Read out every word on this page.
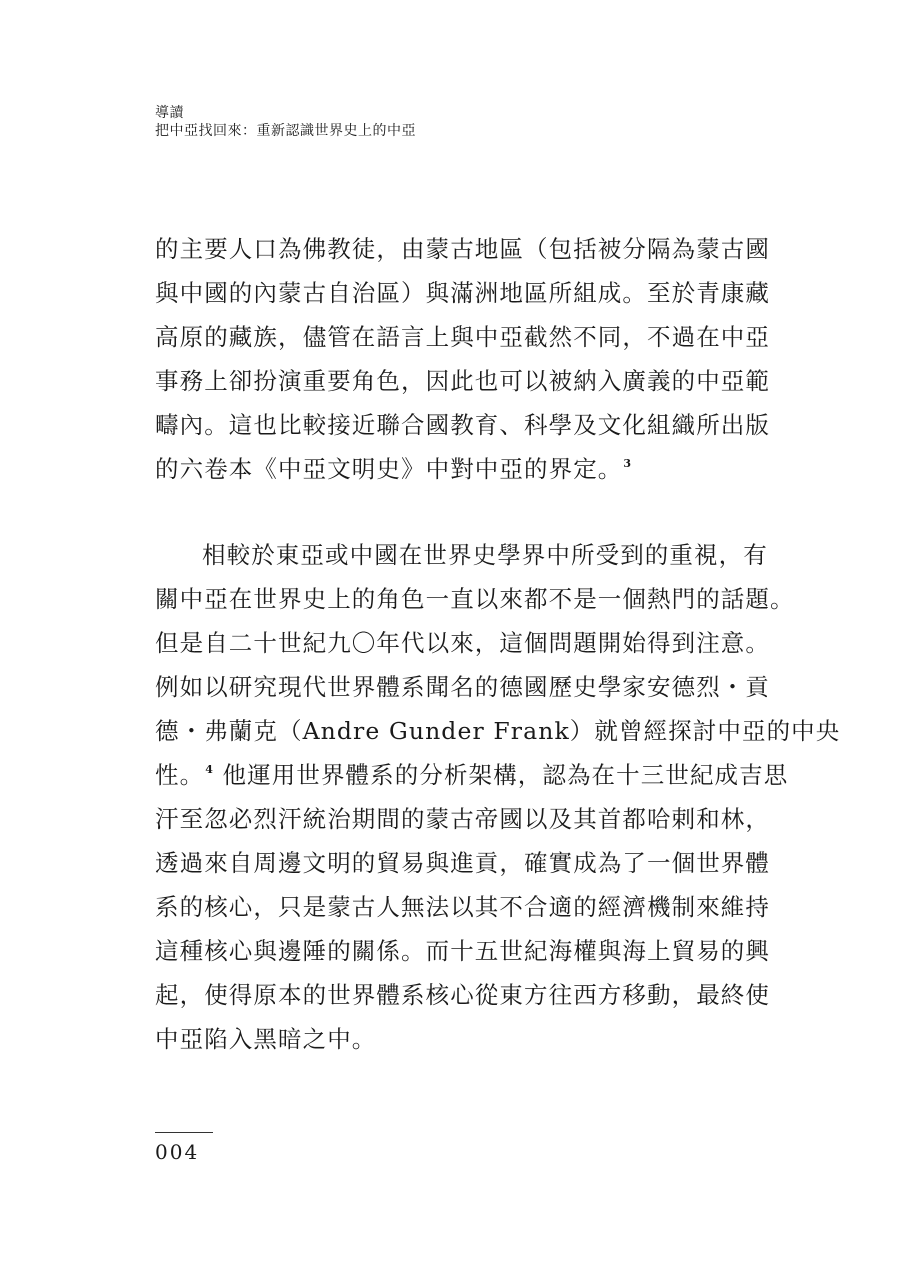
導讀
把中亞找回來：重新認識世界史上的中亞
的主要人口為佛教徒，由蒙古地區（包括被分隔為蒙古國
與中國的內蒙古自治區）與滿洲地區所組成。至於青康藏
高原的藏族，儘管在語言上與中亞截然不同，不過在中亞
事務上卻扮演重要角色，因此也可以被納入廣義的中亞範
疇內。這也比較接近聯合國教育、科學及文化組織所出版
的六卷本《中亞文明史》中對中亞的界定。$^3$
相較於東亞或中國在世界史學界中所受到的重視，有
關中亞在世界史上的角色一直以來都不是一個熱門的話題。
但是自二十世紀九〇年代以來，這個問題開始得到注意。
例如以研究現代世界體系聞名的德國歷史學家安德烈・貢
德・弗蘭克（Andre Gunder Frank）就曾經探討中亞的中央
性。$^4$ 他運用世界體系的分析架構，認為在十三世紀成吉思
汗至忽必烈汗統治期間的蒙古帝國以及其首都哈剌和林，
透過來自周邊文明的貿易與進貢，確實成為了一個世界體
系的核心，只是蒙古人無法以其不合適的經濟機制來維持
這種核心與邊陲的關係。而十五世紀海權與海上貿易的興
起，使得原本的世界體系核心從東方往西方移動，最終使
中亞陷入黑暗之中。
004
